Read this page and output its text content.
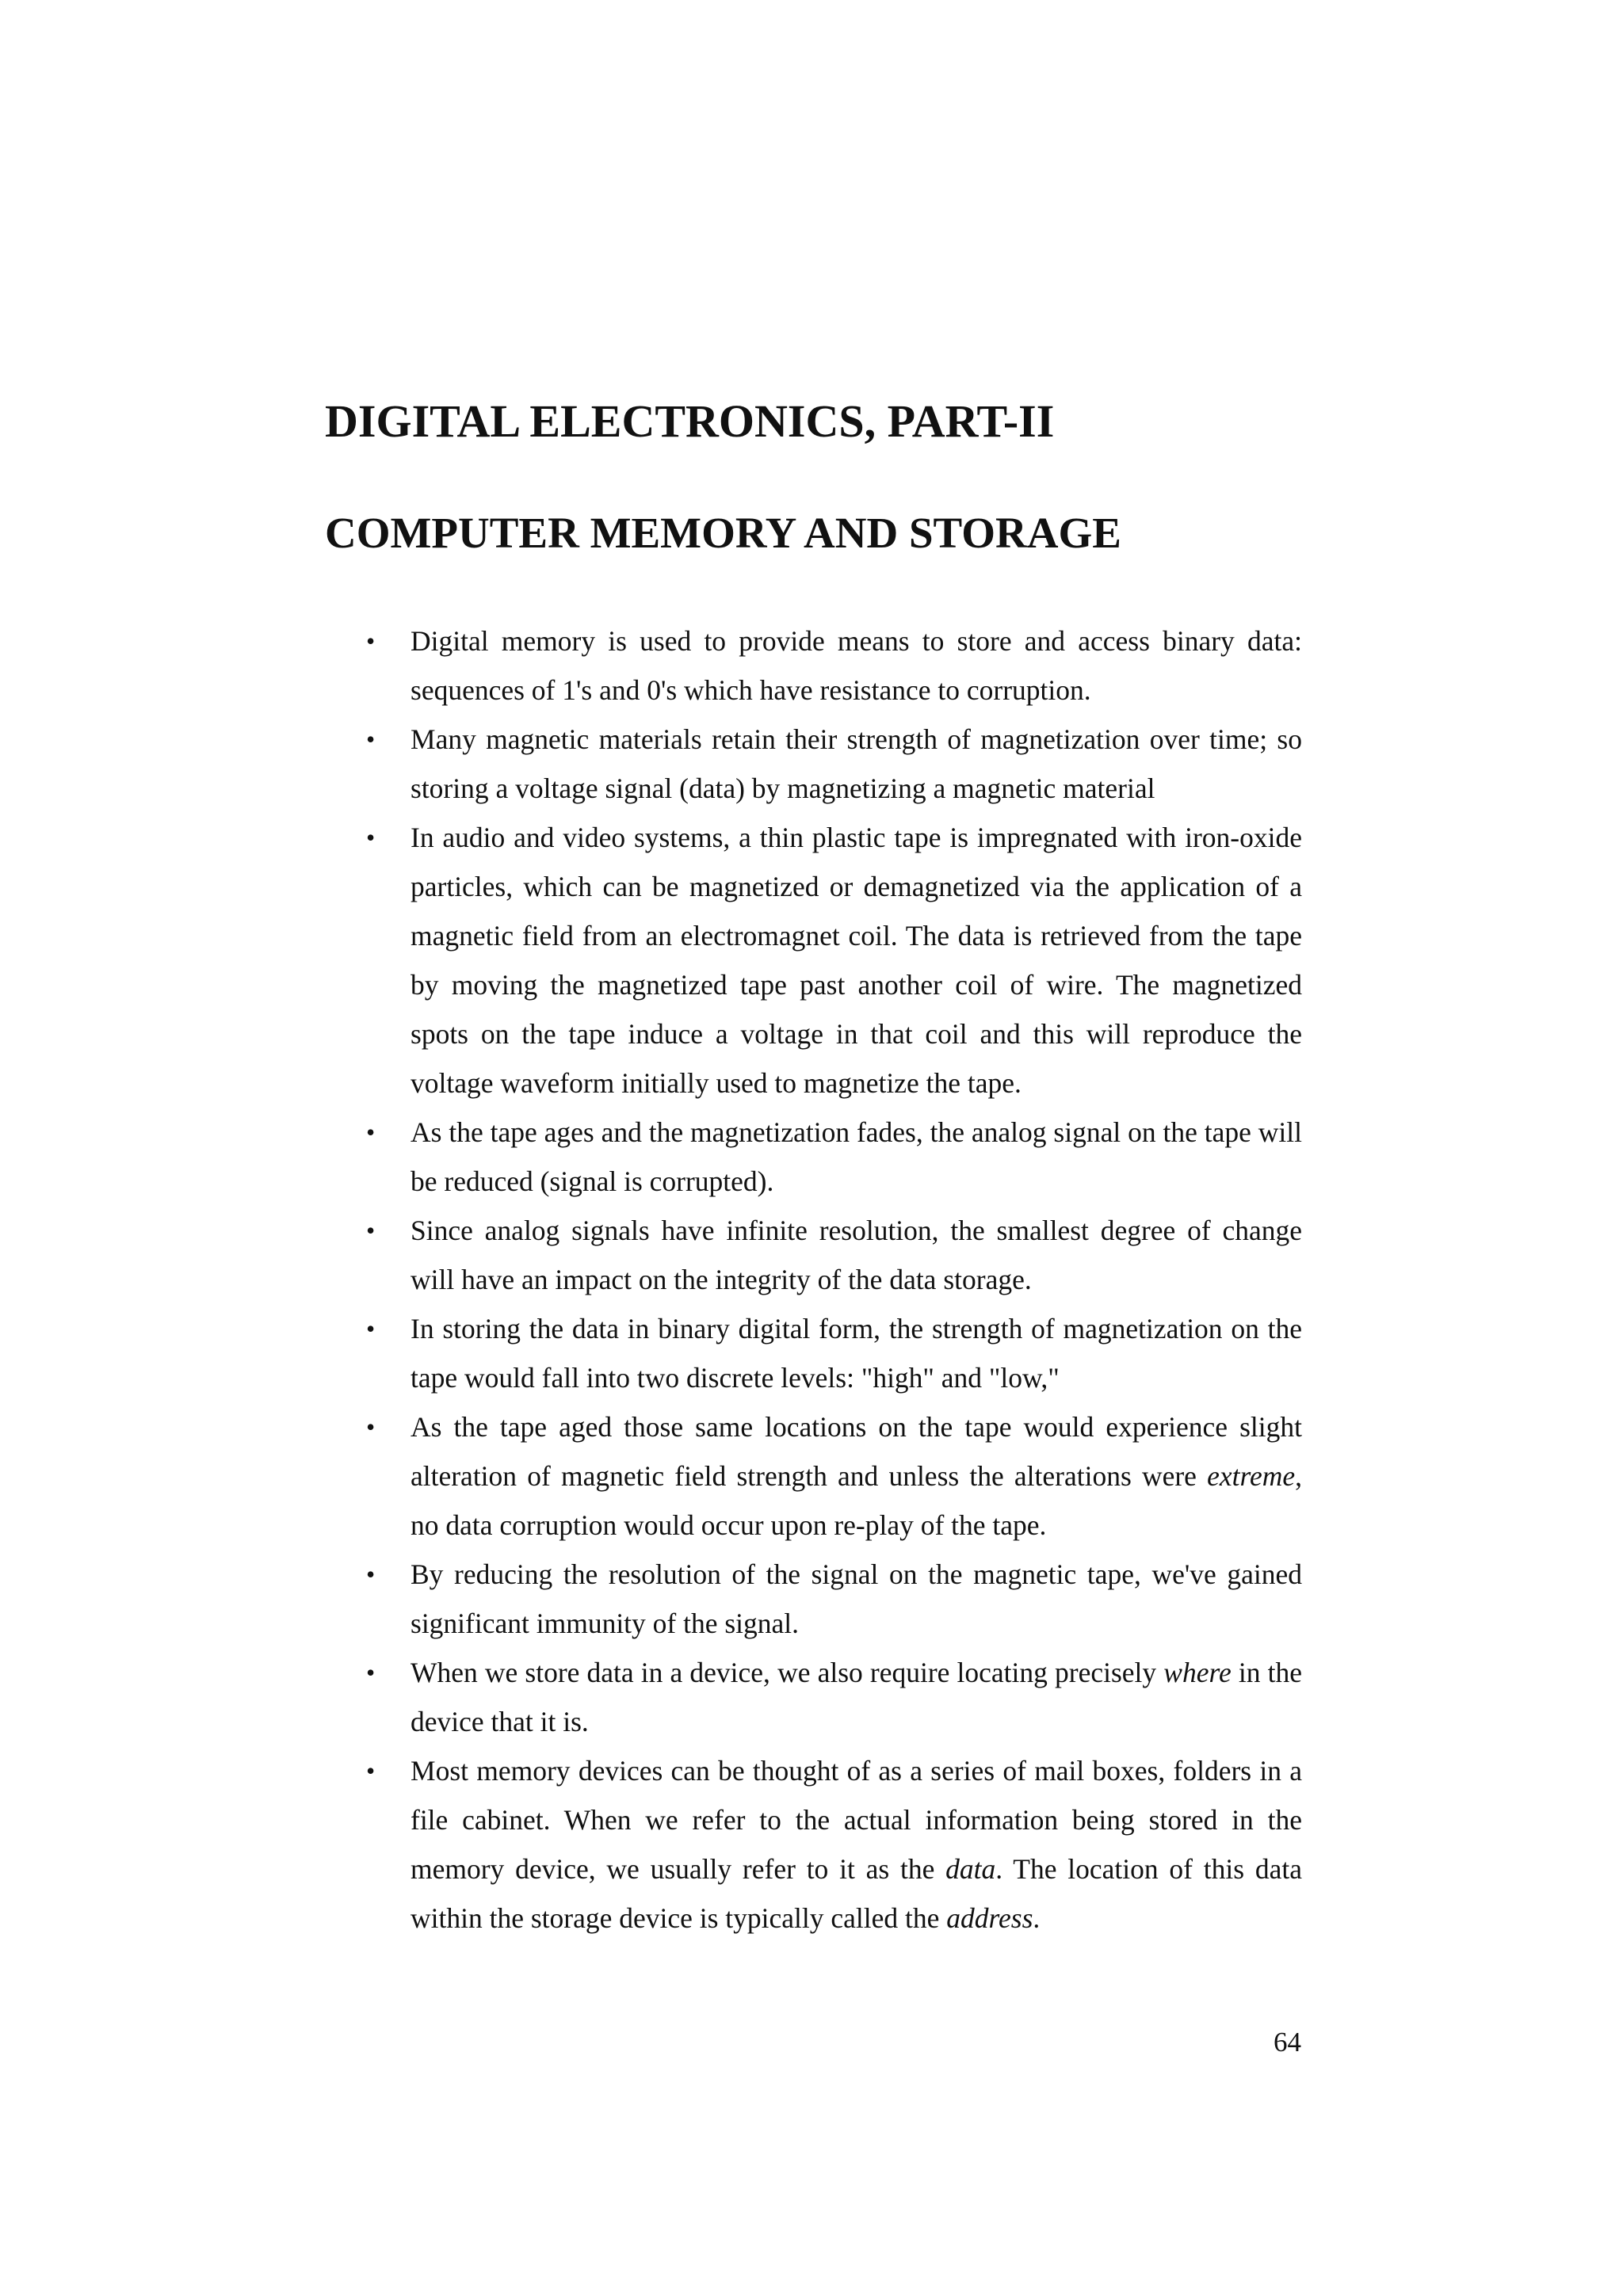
DIGITAL ELECTRONICS, PART-II
COMPUTER MEMORY AND STORAGE
• Digital memory is used to provide means to store and access binary data: sequences of 1's and 0's which have resistance to corruption.
• Many magnetic materials retain their strength of magnetization over time; so storing a voltage signal (data) by magnetizing a magnetic material
• In audio and video systems, a thin plastic tape is impregnated with iron-oxide particles, which can be magnetized or demagnetized via the application of a magnetic field from an electromagnet coil. The data is retrieved from the tape by moving the magnetized tape past another coil of wire. The magnetized spots on the tape induce a voltage in that coil and this will reproduce the voltage waveform initially used to magnetize the tape.
• As the tape ages and the magnetization fades, the analog signal on the tape will be reduced (signal is corrupted).
• Since analog signals have infinite resolution, the smallest degree of change will have an impact on the integrity of the data storage.
• In storing the data in binary digital form, the strength of magnetization on the tape would fall into two discrete levels: "high" and "low,"
• As the tape aged those same locations on the tape would experience slight alteration of magnetic field strength and unless the alterations were extreme, no data corruption would occur upon re-play of the tape.
• By reducing the resolution of the signal on the magnetic tape, we've gained significant immunity of the signal.
• When we store data in a device, we also require locating precisely where in the device that it is.
• Most memory devices can be thought of as a series of mail boxes, folders in a file cabinet. When we refer to the actual information being stored in the memory device, we usually refer to it as the data. The location of this data within the storage device is typically called the address.
64
